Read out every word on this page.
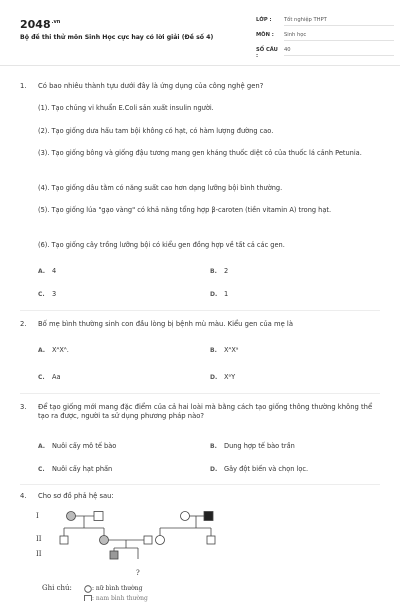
$2048^{.vn}$
Bộ đề thi thử môn Sinh Học cực hay có lời giải (Đề số 4)
LỚP :	Tốt nghiệp THPT
MÔN :	Sinh học
SỐ CÂU :
40
1. Có bao nhiêu thành tựu dưới đây là ứng dụng của công nghệ gen?
(1). Tạo chủng vi khuẩn E.Coli sản xuất insulin người.
(2). Tạo giống dưa hấu tam bội không có hạt, có hàm lượng đường cao.
(3). Tạo giống bông và giống đậu tương mang gen kháng thuốc diệt cỏ của thuốc lá cảnh Petunia.
(4). Tạo giống dâu tằm có năng suất cao hơn dạng lưỡng bội bình thường.
(5). Tạo giống lúa "gạo vàng" có khả năng tổng hợp β-caroten (tiền vitamin A) trong hạt.
(6). Tạo giống cây trồng lưỡng bội có kiểu gen đồng hợp về tất cả các gen.
A. 4	B. 2
C. 3	D. 1
2. Bố mẹ bình thường sinh con đầu lòng bị bệnh mù màu. Kiểu gen của mẹ là
A. XᴬXᴬ.	B. XᴬXᵃ
C. Aa	D. XᵃY
3. Để tạo giống mới mang đặc điểm của cả hai loài mà bằng cách tạo giống thông thường không thể tạo ra được, người ta sử dụng phương pháp nào?
A. Nuôi cấy mô tế bào	B. Dung hợp tế bào trần
C. Nuôi cấy hạt phấn	D. Gây đột biến và chọn lọc.
4. Cho sơ đồ phả hệ sau:
I
II
II
?
Ghi chú:	: nữ bình thường
: nam bình thường
